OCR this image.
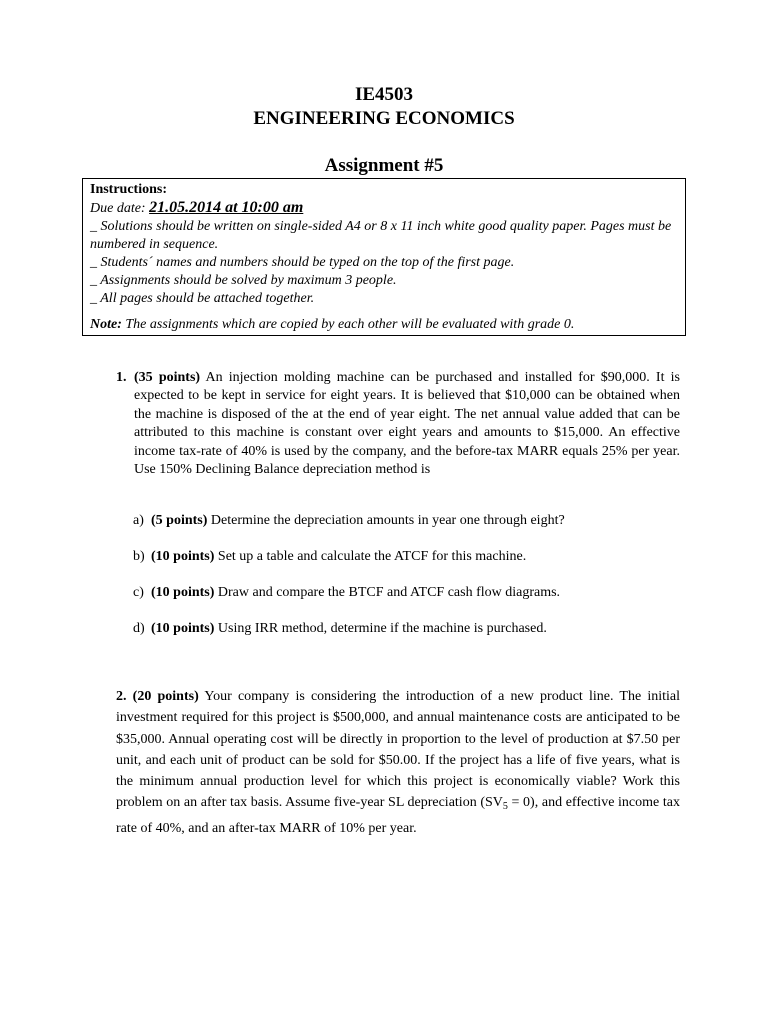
IE4503
ENGINEERING ECONOMICS
Assignment #5
Instructions:
Due date: 21.05.2014 at 10:00 am
_ Solutions should be written on single-sided A4 or 8 x 11 inch white good quality paper. Pages must be numbered in sequence.
_ Students´ names and numbers should be typed on the top of the first page.
_ Assignments should be solved by maximum 3 people.
_ All pages should be attached together.
Note: The assignments which are copied by each other will be evaluated with grade 0.
1. (35 points) An injection molding machine can be purchased and installed for $90,000. It is expected to be kept in service for eight years. It is believed that $10,000 can be obtained when the machine is disposed of the at the end of year eight. The net annual value added that can be attributed to this machine is constant over eight years and amounts to $15,000. An effective income tax-rate of 40% is used by the company, and the before-tax MARR equals 25% per year. Use 150% Declining Balance depreciation method is
a) (5 points) Determine the depreciation amounts in year one through eight?
b) (10 points) Set up a table and calculate the ATCF for this machine.
c) (10 points) Draw and compare the BTCF and ATCF cash flow diagrams.
d) (10 points) Using IRR method, determine if the machine is purchased.
2. (20 points) Your company is considering the introduction of a new product line. The initial investment required for this project is $500,000, and annual maintenance costs are anticipated to be $35,000. Annual operating cost will be directly in proportion to the level of production at $7.50 per unit, and each unit of product can be sold for $50.00. If the project has a life of five years, what is the minimum annual production level for which this project is economically viable? Work this problem on an after tax basis. Assume five-year SL depreciation $(SV_5 = 0)$, and effective income tax rate of 40%, and an after-tax MARR of 10% per year.
